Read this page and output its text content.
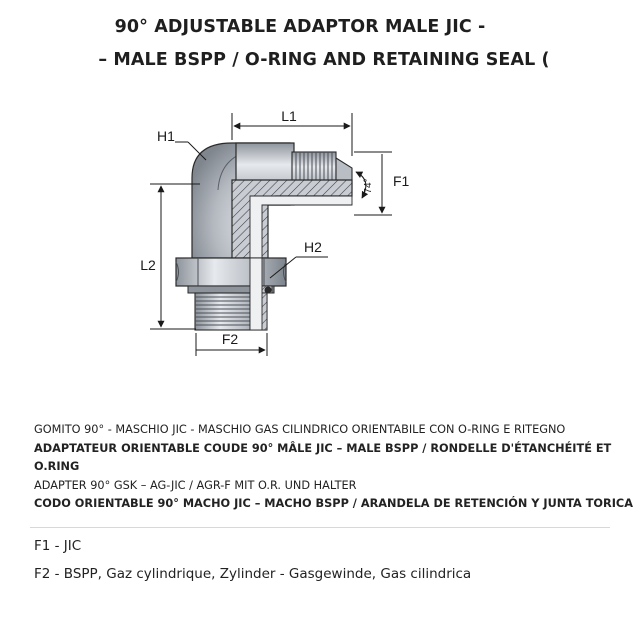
90° ADJUSTABLE ADAPTOR MALE JIC -
– MALE BSPP / O-RING AND RETAINING SEAL (
L1
L2
H1
H2
F2
F1
74°
GOMITO 90° - MASCHIO JIC - MASCHIO GAS CILINDRICO ORIENTABILE CON O-RING E RITEGNO
ADAPTATEUR ORIENTABLE COUDE 90° MÂLE JIC – MALE BSPP / RONDELLE D'ÉTANCHÉITÉ ET
O.RING
ADAPTER 90° GSK – AG-JIC / AGR-F MIT O.R. UND HALTER
CODO ORIENTABLE 90° MACHO JIC – MACHO BSPP / ARANDELA DE RETENCIÓN Y JUNTA TORICA
F1 - JIC
F2 - BSPP, Gaz cylindrique, Zylinder - Gasgewinde, Gas cilindrica
